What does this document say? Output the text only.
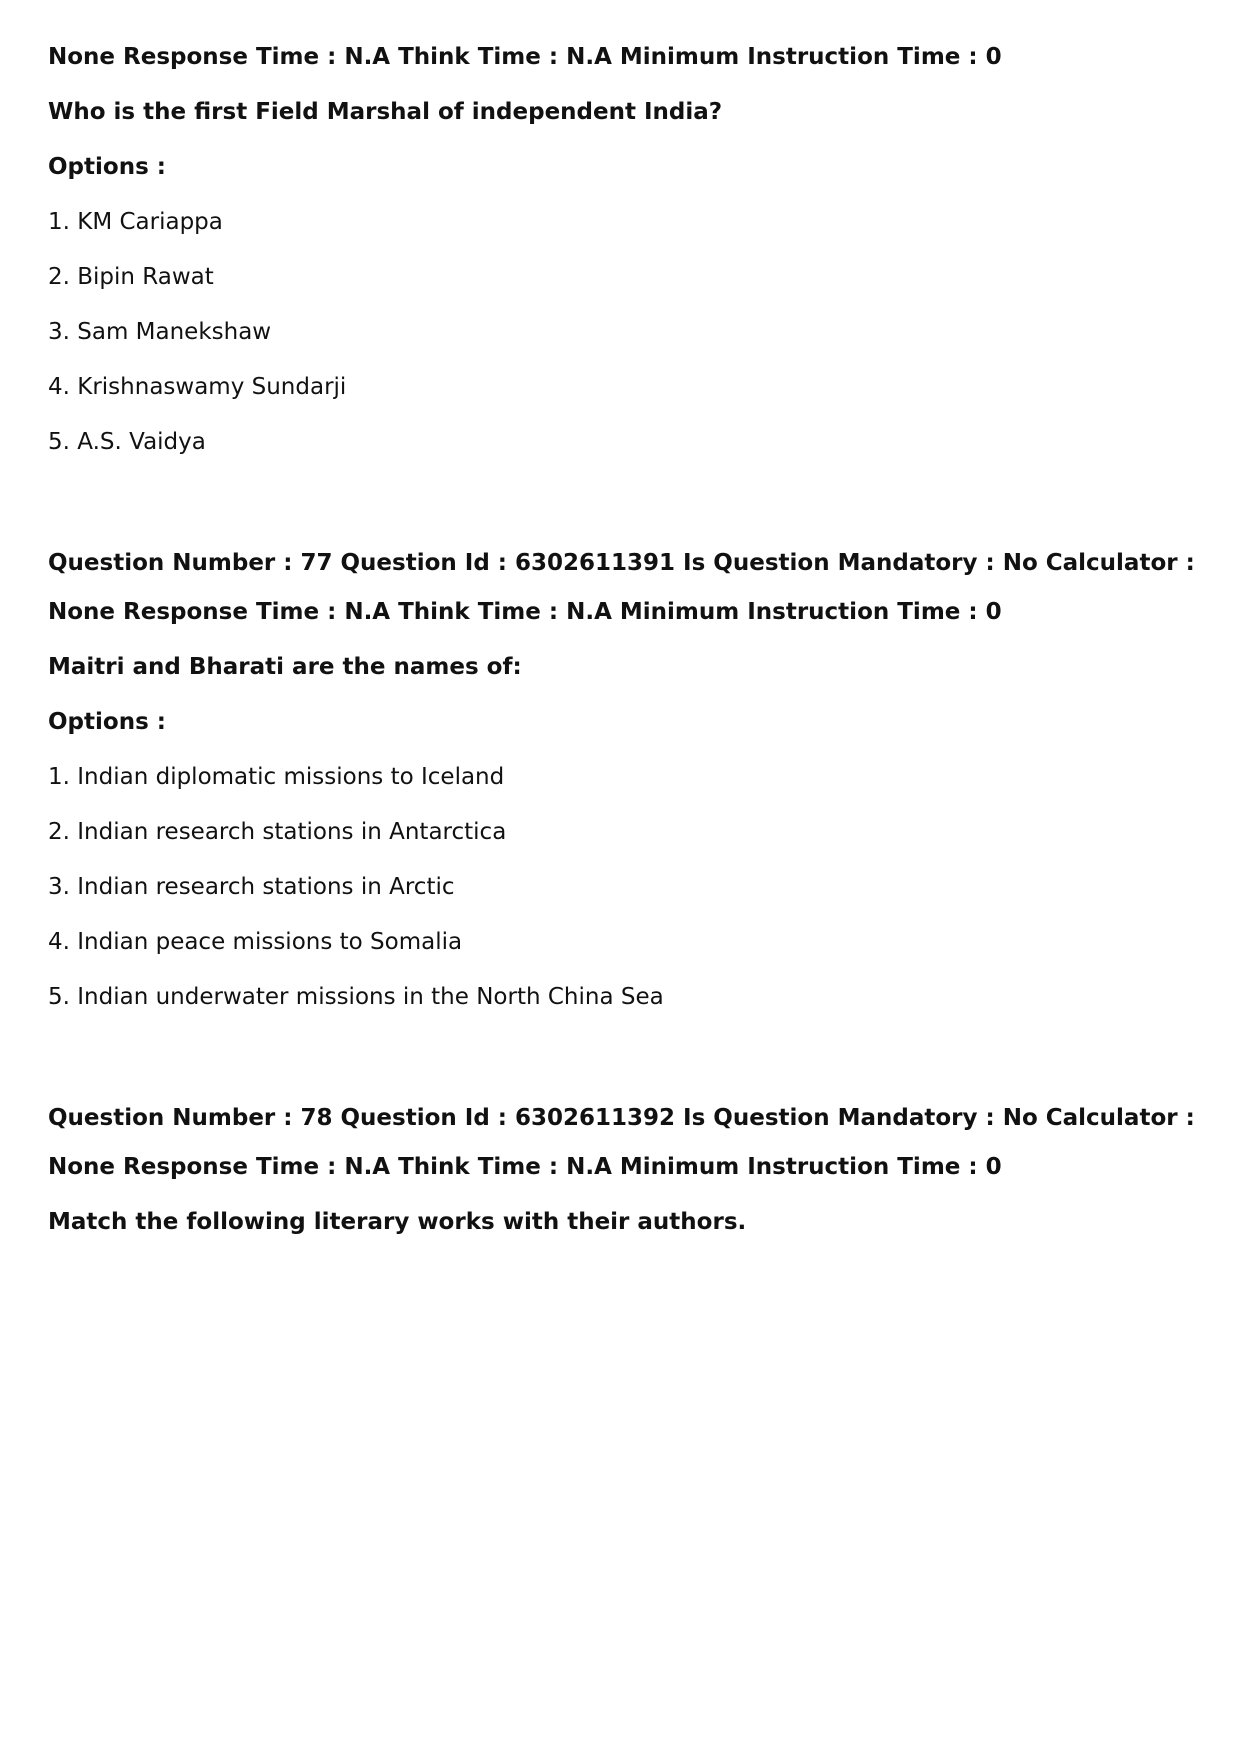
None Response Time : N.A Think Time : N.A Minimum Instruction Time : 0
Who is the first Field Marshal of independent India?
Options :
1. KM Cariappa
2. Bipin Rawat
3. Sam Manekshaw
4. Krishnaswamy Sundarji
5. A.S. Vaidya
Question Number : 77 Question Id : 6302611391 Is Question Mandatory : No Calculator :
None Response Time : N.A Think Time : N.A Minimum Instruction Time : 0
Maitri and Bharati are the names of:
Options :
1. Indian diplomatic missions to Iceland
2. Indian research stations in Antarctica
3. Indian research stations in Arctic
4. Indian peace missions to Somalia
5. Indian underwater missions in the North China Sea
Question Number : 78 Question Id : 6302611392 Is Question Mandatory : No Calculator :
None Response Time : N.A Think Time : N.A Minimum Instruction Time : 0
Match the following literary works with their authors.
